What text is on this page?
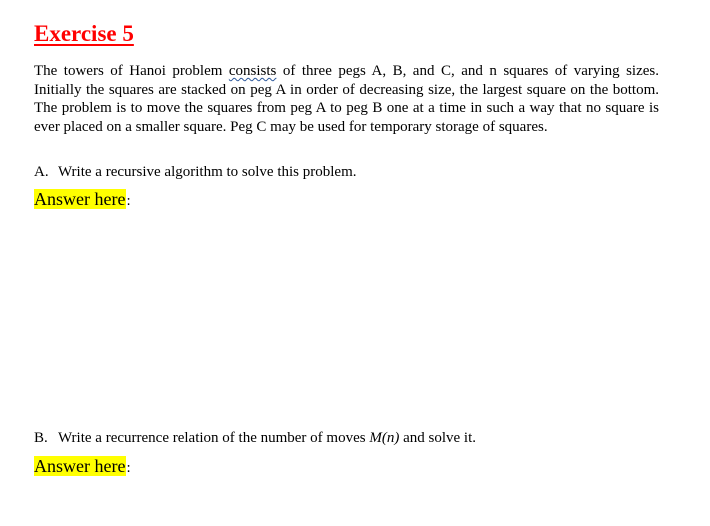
Exercise 5

The towers of Hanoi problem consists of three pegs A, B, and C, and n squares of varying sizes. Initially the squares are stacked on peg A in order of decreasing size, the largest square on the bottom. The problem is to move the squares from peg A to peg B one at a time in such a way that no square is ever placed on a smaller square. Peg C may be used for temporary storage of squares.

A. Write a recursive algorithm to solve this problem.

Answer here:

B. Write a recurrence relation of the number of moves M(n) and solve it.

Answer here:
